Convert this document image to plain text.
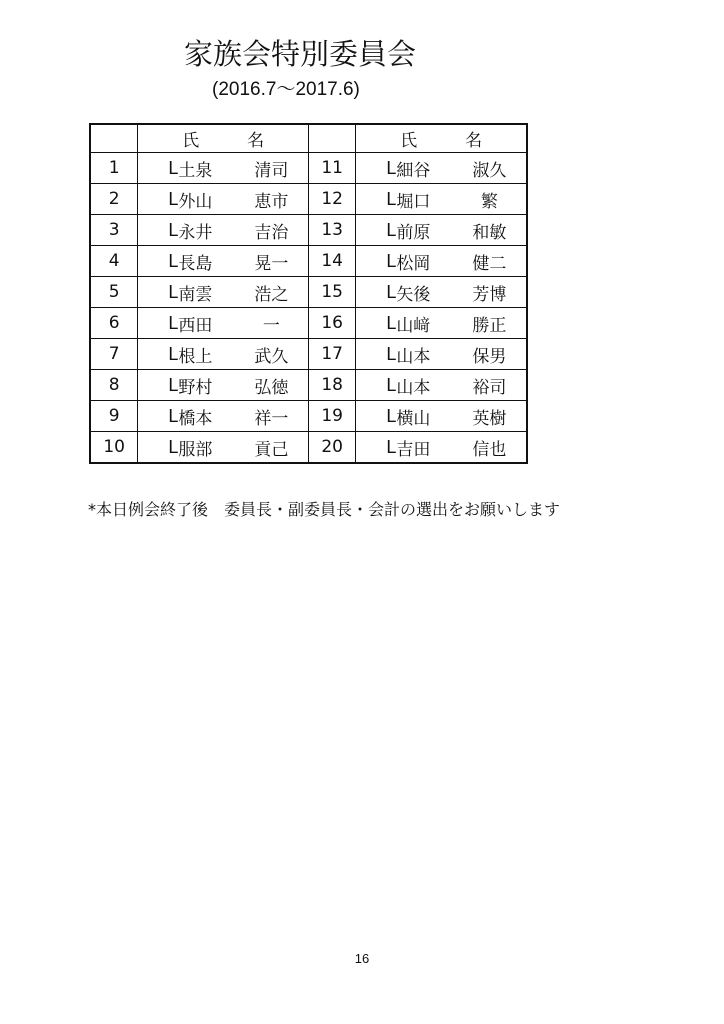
家族会特別委員会
(2016.7～2017.6)
	氏 名		氏 名
1	L 土泉 清司	11	L 細谷 淑久

2	L 外山 恵市	12	L 堀口 繁

3	L 永井 吉治	13	L 前原 和敏

4	L 長島 晃一	14	L 松岡 健二

5	L 南雲 浩之	15	L 矢後 芳博

6	L 西田 一	16	L 山﨑 勝正

7	L 根上 武久	17	L 山本 保男

8	L 野村 弘徳	18	L 山本 裕司

9	L 橋本 祥一	19	L 横山 英樹

10	L 服部 貢己	20	L 吉田 信也
*本日例会終了後 委員長・副委員長・会計の選出をお願いします
16
